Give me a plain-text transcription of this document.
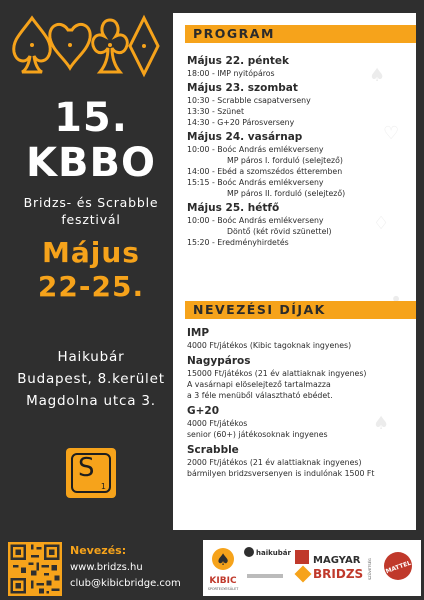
15.
KBBO
Bridzs- és Scrabble
fesztivál
Május
22-25.
Haikubár
Budapest, 8.kerület
Magdolna utca 3.
S
1
♠
♡
♢
♠
PROGRAM
Május 22. péntek
18:00 - IMP nyitópáros
Május 23. szombat
10:30 - Scrabble csapatverseny
13:30 - Szünet
14:30 - G+20 Párosverseny
Május 24. vasárnap
10:00 - Boóc András emlékverseny
MP páros I. forduló (selejtező)
14:00 - Ebéd a szomszédos étteremben
15:15 - Boóc András emlékverseny
MP páros II. forduló (selejtező)
Május 25. hétfő
10:00 - Boóc András emlékverseny
Döntő (két rövid szünettel)
15:20 - Eredményhirdetés
NEVEZÉSI DÍJAK
IMP
4000 Ft/játékos (Kibic tagoknak ingyenes)
Nagypáros
15000 Ft/játékos (21 év alattiaknak ingyenes)
A vasárnapi elöselejtező tartalmazza
a 3 féle menüből választható ebédet.
G+20
4000 Ft/játékos
senior (60+) játékosoknak ingyenes
Scrabble
2000 Ft/játékos (21 év alattiaknak ingyenes)
bármilyen bridzsversenyen is indulónak 1500 Ft
Nevezés:
www.bridzs.hu
club@kibicbridge.com
♠
KIBIC
SPORTEGYESÜLET
haikubár
MAGYAR
BRIDZS SZÖVETSÉG MATTEL
